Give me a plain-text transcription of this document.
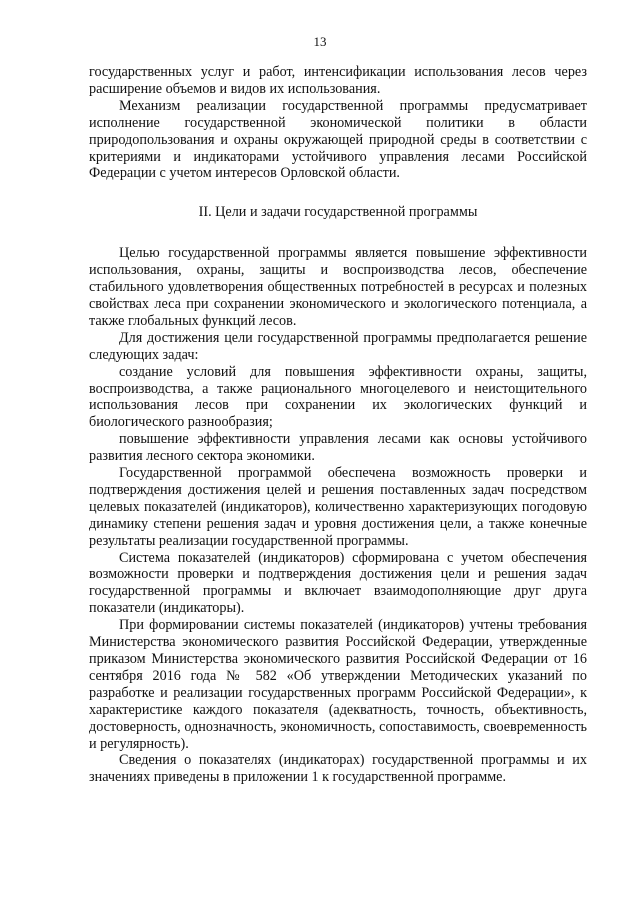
13

государственных услуг и работ, интенсификации использования лесов через расширение объемов и видов их использования.

Механизм реализации государственной программы предусматривает исполнение государственной экономической политики в области природопользования и охраны окружающей природной среды в соответствии с критериями и индикаторами устойчивого управления лесами Российской Федерации с учетом интересов Орловской области.

II. Цели и задачи государственной программы

Целью государственной программы является повышение эффективности использования, охраны, защиты и воспроизводства лесов, обеспечение стабильного удовлетворения общественных потребностей в ресурсах и полезных свойствах леса при сохранении экономического и экологического потенциала, а также глобальных функций лесов.

Для достижения цели государственной программы предполагается решение следующих задач:

создание условий для повышения эффективности охраны, защиты, воспроизводства, а также рационального многоцелевого и неистощительного использования лесов при сохранении их экологических функций и биологического разнообразия;

повышение эффективности управления лесами как основы устойчивого развития лесного сектора экономики.

Государственной программой обеспечена возможность проверки и подтверждения достижения целей и решения поставленных задач посредством целевых показателей (индикаторов), количественно характеризующих погодовую динамику степени решения задач и уровня достижения цели, а также конечные результаты реализации государственной программы.

Система показателей (индикаторов) сформирована с учетом обеспечения возможности проверки и подтверждения достижения цели и решения задач государственной программы и включает взаимодополняющие друг друга показатели (индикаторы).

При формировании системы показателей (индикаторов) учтены требования Министерства экономического развития Российской Федерации, утвержденные приказом Министерства экономического развития Российской Федерации от 16 сентября 2016 года № 582 «Об утверждении Методических указаний по разработке и реализации государственных программ Российской Федерации», к характеристике каждого показателя (адекватность, точность, объективность, достоверность, однозначность, экономичность, сопоставимость, своевременность и регулярность).

Сведения о показателях (индикаторах) государственной программы и их значениях приведены в приложении 1 к государственной программе.
